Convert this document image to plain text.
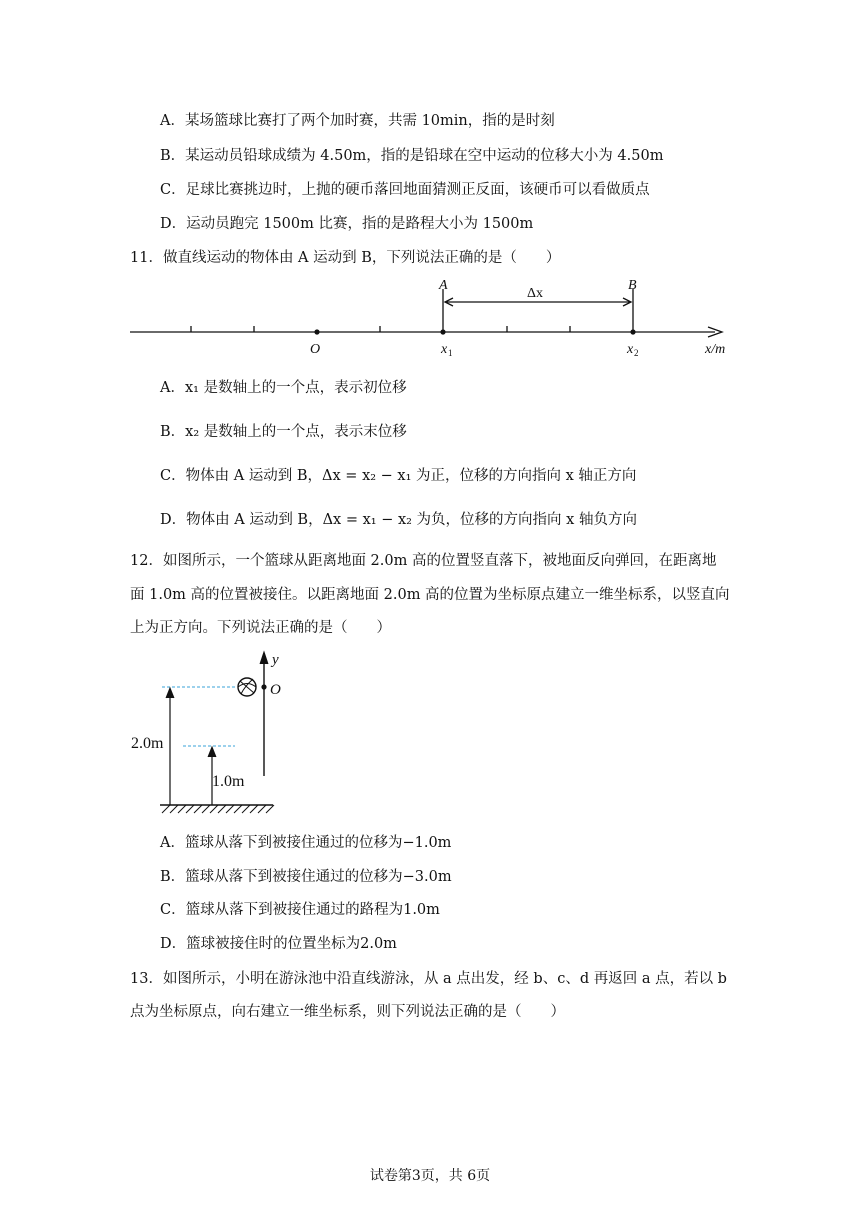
A．某场篮球比赛打了两个加时赛，共需 10min，指的是时刻
B．某运动员铅球成绩为 4.50m，指的是铅球在空中运动的位移大小为 4.50m
C．足球比赛挑边时，上抛的硬币落回地面猜测正反面，该硬币可以看做质点
D．运动员跑完 1500m 比赛，指的是路程大小为 1500m
11．做直线运动的物体由 A 运动到 B，下列说法正确的是（　　）
A	B
O	x	x	x/m
1	2
Δx
A．x₁ 是数轴上的一个点，表示初位移
B．x₂ 是数轴上的一个点，表示末位移
C．物体由 A 运动到 B，Δx = x₂ − x₁ 为正，位移的方向指向 x 轴正方向
D．物体由 A 运动到 B，Δx = x₁ − x₂ 为负，位移的方向指向 x 轴负方向
12．如图所示，一个篮球从距离地面 2.0m 高的位置竖直落下，被地面反向弹回，在距离地
面 1.0m 高的位置被接住。以距离地面 2.0m 高的位置为坐标原点建立一维坐标系，以竖直向
上为正方向。下列说法正确的是（　　）
y
O
2.0m
1.0m
A．篮球从落下到被接住通过的位移为−1.0m
B．篮球从落下到被接住通过的位移为−3.0m
C．篮球从落下到被接住通过的路程为1.0m
D．篮球被接住时的位置坐标为2.0m
13．如图所示，小明在游泳池中沿直线游泳，从 a 点出发，经 b、c、d 再返回 a 点，若以 b
点为坐标原点，向右建立一维坐标系，则下列说法正确的是（　　）
试卷第3页，共 6页
